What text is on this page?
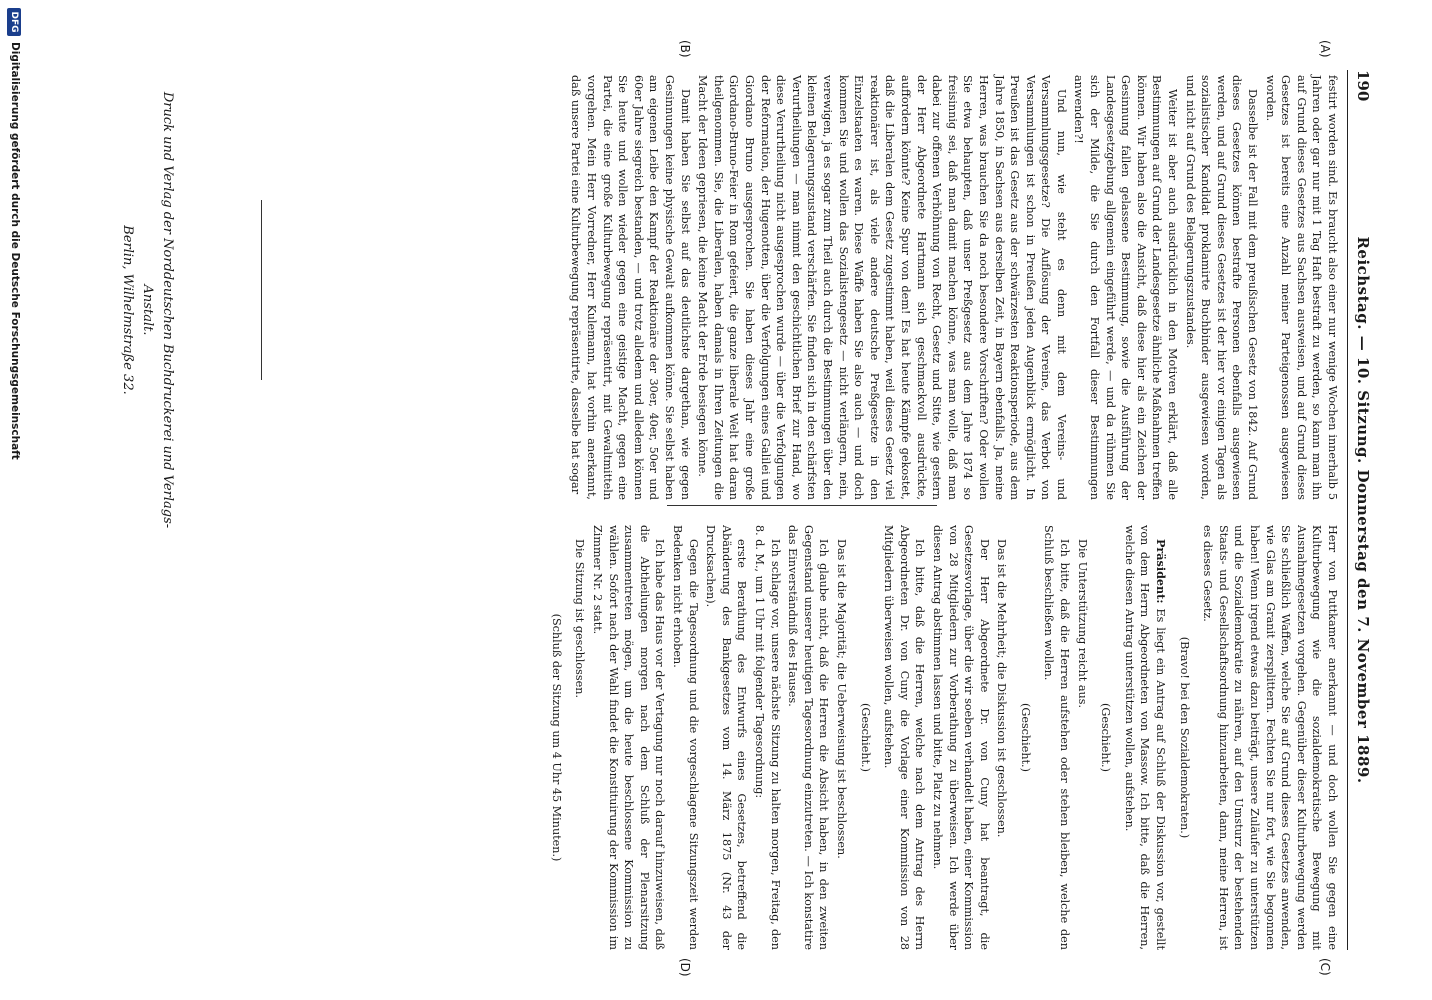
190
Reichstag. — 10. Sitzung. Donnerstag den 7. November 1889.
(A)
(B)
(C)
(D)

festirt worden sind. Es braucht also einer nur wenige Wochen innerhalb 5 Jahren oder gar nur mit 1 Tag Haft bestraft zu werden, so kann man ihn auf Grund dieses Gesetzes aus Sachsen ausweisen, und auf Grund dieses Gesetzes ist bereits eine Anzahl meiner Parteigenossen ausgewiesen worden.

Dasselbe ist der Fall mit dem preußischen Gesetz von 1842. Auf Grund dieses Gesetzes können bestrafte Personen ebenfalls ausgewiesen werden, und auf Grund dieses Gesetzes ist der hier vor einigen Tagen als sozialistischer Kandidat proklamirte Buchbinder ausgewiesen worden, und nicht auf Grund des Belagerungszustandes.

Weiter ist aber auch ausdrücklich in den Motiven erklärt, daß alle Bestimmungen auf Grund der Landesgesetze ähnliche Maßnahmen treffen können. Wir haben also die Ansicht, daß diese hier als ein Zeichen der Gesinnung fallen gelassene Bestimmung, sowie die Ausführung der Landesgesetzgebung allgemein eingeführt werde, — und da rühmen Sie sich der Milde, die Sie durch den Fortfall dieser Bestimmungen anwenden?!

Und nun, wie steht es denn mit dem Vereins- und Versammlungsgesetze? Die Auflösung der Vereine, das Verbot von Versammlungen ist schon in Preußen jeden Augenblick ermöglicht. In Preußen ist das Gesetz aus der schwärzesten Reaktionsperiode, aus dem Jahre 1850, in Sachsen aus derselben Zeit, in Bayern ebenfalls. Ja, meine Herren, was brauchen Sie da noch besondere Vorschriften? Oder wollen Sie etwa behaupten, daß unser Preßgesetz aus dem Jahre 1874 so freisinnig sei, daß man damit machen könne, was man wolle, daß man dabei zur offenen Verhöhnung von Recht, Gesetz und Sitte, wie gestern der Herr Abgeordnete Hartmann sich geschmackvoll ausdrückte, auffordern könnte? Keine Spur von dem! Es hat heute Kämpfe gekostet, daß die Liberalen dem Gesetz zugestimmt haben, weil dieses Gesetz viel reaktionärer ist, als viele andere deutsche Preßgesetze in den Einzelstaaten es waren. Diese Waffe haben Sie also auch — und doch kommen Sie und wollen das Sozialistengesetz — nicht verlängern, nein, verewigen, ja es sogar zum Theil auch durch die Bestimmungen über den kleinen Belagerungszustand verschärfen. Sie finden sich in den schärfsten Verurtheilungen — man nimmt den geschichtlichen Brief zur Hand, wo diese Verurtheilung nicht ausgesprochen wurde — über die Verfolgungen der Reformation, der Hugenotten, über die Verfolgungen eines Galilei und Giordano Bruno ausgesprochen. Sie haben dieses Jahr eine große Giordano-Bruno-Feier in Rom gefeiert, die ganze liberale Welt hat daran theilgenommen. Sie, die Liberalen, haben damals in Ihren Zeitungen die Macht der Ideen gepriesen, die keine Macht der Erde besiegen könne.

Damit haben Sie selbst auf das deutlichste dargethan, wie gegen Gesinnungen keine physische Gewalt aufkommen könne. Sie selbst haben am eigenen Leibe den Kampf der Reaktionäre der 30er, 40er, 50er und 60er Jahre siegreich bestanden, — und trotz alledem und alledem können Sie heute und wollen wieder gegen eine geistige Macht, gegen eine Partei, die eine große Kulturbewegung repräsentirt, mit Gewaltmitteln vorgehen. Mein Herr Vorredner, Herr Kulemann, hat vorhin anerkannt, daß unsere Partei eine Kulturbewegung repräsentirte, dasselbe hat sogar

Herr von Puttkamer anerkannt — und doch wollen Sie gegen eine Kulturbewegung wie die sozialdemokratische Bewegung mit Ausnahmegesetzen vorgehen. Gegenüber dieser Kulturbewegung werden Sie schließlich Waffen, welche Sie auf Grund dieses Gesetzes anwenden, wie Glas am Granit zersplittern. Fechten Sie nur fort, wie Sie begonnen haben! Wenn irgend etwas dazu beiträgt, unsere Zuläufer zu unterstützen und die Sozialdemokratie zu nähren, auf den Umsturz der bestehenden Staats- und Gesellschaftsordnung hinzuarbeiten, dann, meine Herren, ist es dieses Gesetz.

(Bravo! bei den Sozialdemokraten.)

Präsident: Es liegt ein Antrag auf Schluß der Diskussion vor, gestellt von dem Herrn Abgeordneten von Massow. Ich bitte, daß die Herren, welche diesen Antrag unterstützen wollen, aufstehen.

(Geschieht.)

Die Unterstützung reicht aus.

Ich bitte, daß die Herren aufstehen oder stehen bleiben, welche den Schluß beschließen wollen.

(Geschieht.)

Das ist die Mehrheit; die Diskussion ist geschlossen.

Der Herr Abgeordnete Dr. von Cuny hat beantragt, die Gesetzesvorlage, über die wir soeben verhandelt haben, einer Kommission von 28 Mitgliedern zur Vorberathung zu überweisen. Ich werde über diesen Antrag abstimmen lassen und bitte, Platz zu nehmen.

Ich bitte, daß die Herren, welche nach dem Antrag des Herrn Abgeordneten Dr. von Cuny die Vorlage einer Kommission von 28 Mitgliedern überweisen wollen, aufstehen.

(Geschieht.)

Das ist die Majorität; die Ueberweisung ist beschlossen.

Ich glaube nicht, daß die Herren die Absicht haben, in den zweiten Gegenstand unserer heutigen Tagesordnung einzutreten. — Ich konstatire das Einverständniß des Hauses.

Ich schlage vor, unsere nächste Sitzung zu halten morgen, Freitag, den 8. d. M., um 1 Uhr mit folgender Tagesordnung:

erste Berathung des Entwurfs eines Gesetzes, betreffend die Abänderung des Bankgesetzes vom 14. März 1875 (Nr. 43 der Drucksachen).

Gegen die Tagesordnung und die vorgeschlagene Sitzungszeit werden Bedenken nicht erhoben.

Ich habe das Haus vor der Vertagung nur noch darauf hinzuweisen, daß die Abtheilungen morgen nach dem Schluß der Plenarsitzung zusammentreten mögen, um die heute beschlossene Kommission zu wählen. Sofort nach der Wahl findet die Konstituirung der Kommission im Zimmer Nr. 2 statt.

Die Sitzung ist geschlossen.

(Schluß der Sitzung um 4 Uhr 45 Minuten.)

Druck und Verlag der Norddeutschen Buchdruckerei und Verlags-Anstalt.
Berlin, Wilhelmstraße 32.
DFG
Digitalisierung gefördert durch die Deutsche Forschungsgemeinschaft
